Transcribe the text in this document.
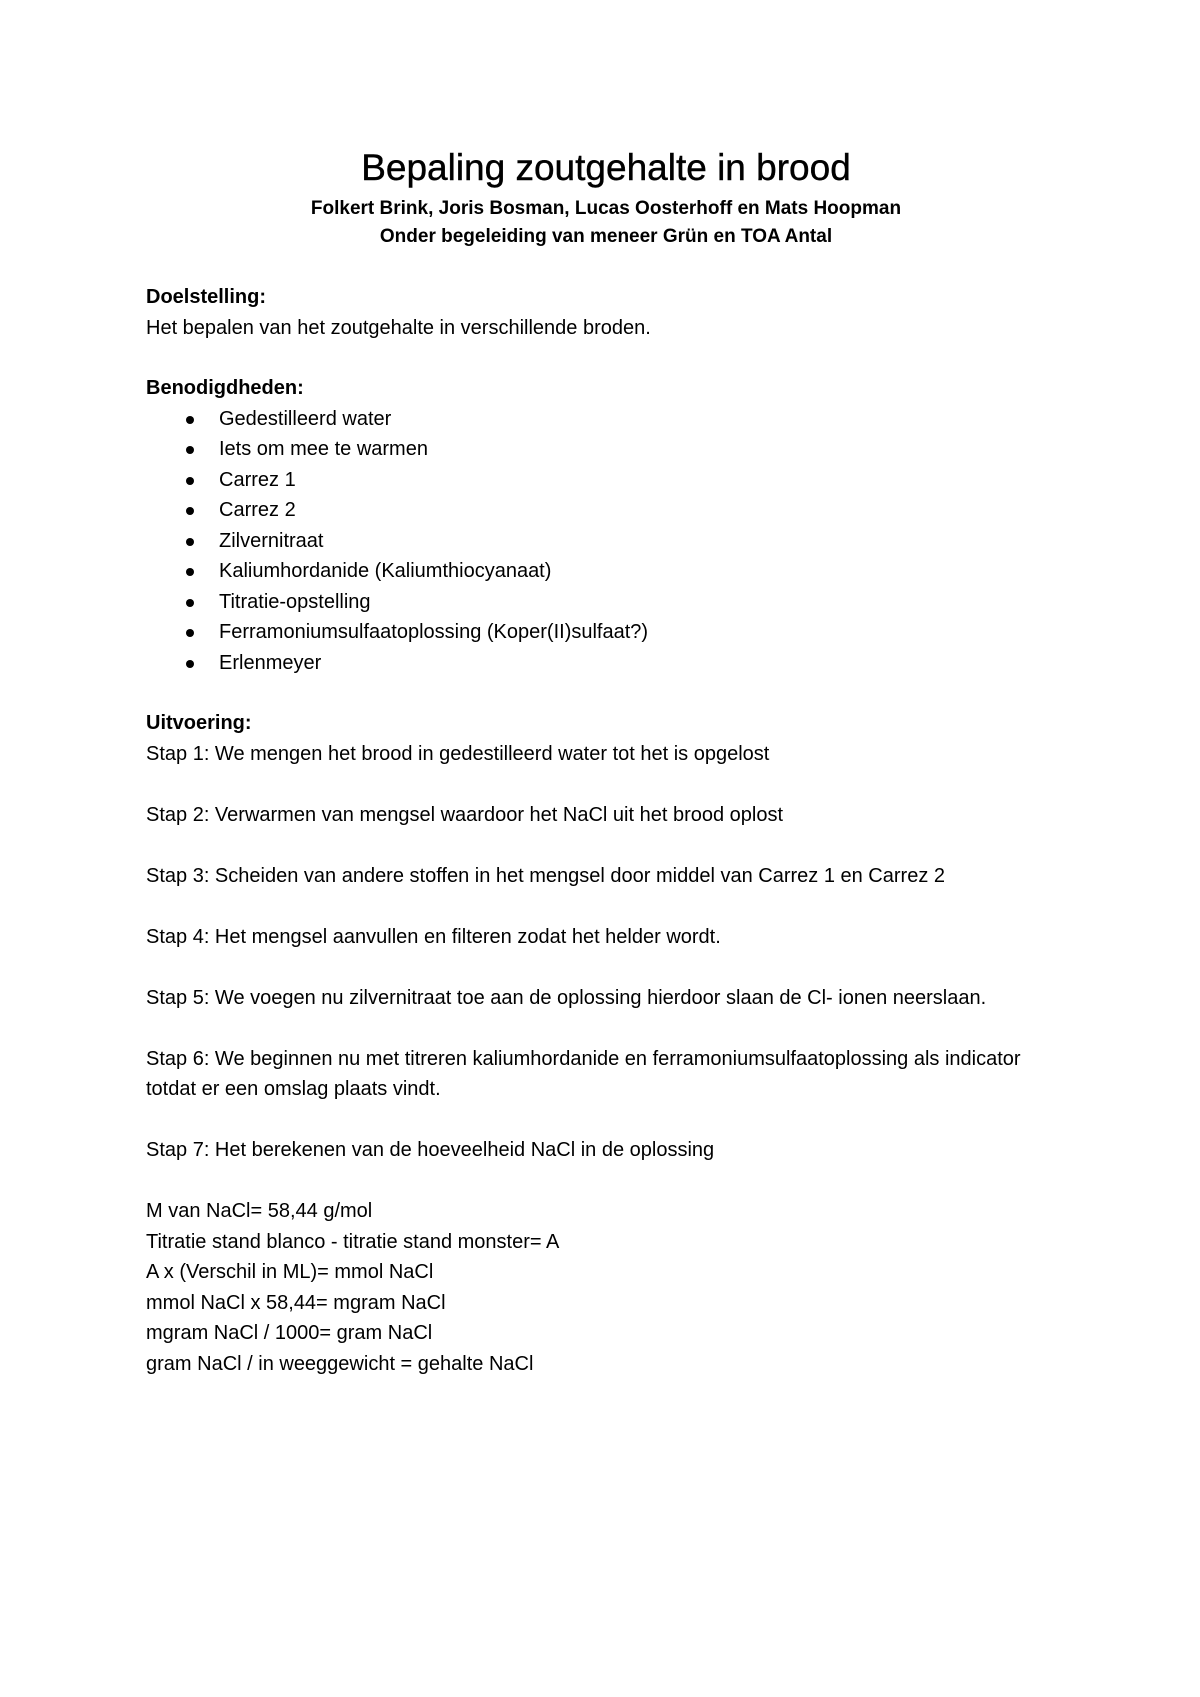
Bepaling zoutgehalte in brood

Folkert Brink, Joris Bosman, Lucas Oosterhoff en Mats Hoopman

Onder begeleiding van meneer Grün en TOA Antal

Doelstelling:
Het bepalen van het zoutgehalte in verschillende broden.
Benodigdheden:
Gedestilleerd water
Iets om mee te warmen
Carrez 1
Carrez 2
Zilvernitraat
Kaliumhordanide (Kaliumthiocyanaat)
Titratie-opstelling
Ferramoniumsulfaatoplossing (Koper(II)sulfaat?)
Erlenmeyer
Uitvoering:
Stap 1: We mengen het brood in gedestilleerd water tot het is opgelost
Stap 2: Verwarmen van mengsel waardoor het NaCl uit het brood oplost
Stap 3: Scheiden van andere stoffen in het mengsel door middel van Carrez 1 en Carrez 2
Stap 4: Het mengsel aanvullen en filteren zodat het helder wordt.
Stap 5: We voegen nu zilvernitraat toe aan de oplossing hierdoor slaan de Cl- ionen neerslaan.
Stap 6: We beginnen nu met titreren kaliumhordanide en ferramoniumsulfaatoplossing als indicator totdat er een omslag plaats vindt.
Stap 7: Het berekenen van de hoeveelheid NaCl in de oplossing
M van NaCl= 58,44 g/mol
Titratie stand blanco - titratie stand monster= A
A x (Verschil in ML)= mmol NaCl
mmol NaCl x 58,44= mgram NaCl
mgram NaCl / 1000= gram NaCl
gram NaCl / in weeggewicht = gehalte NaCl
